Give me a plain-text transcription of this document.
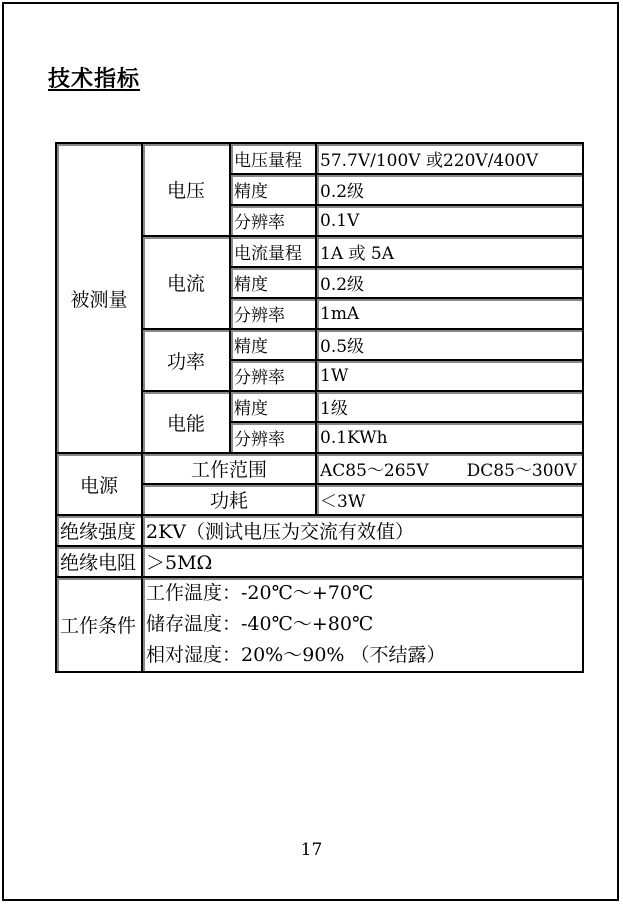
技术指标
被测量	电压	电压量程	57.7V/100V 或220V/400V
		精度	0.2级
		分辨率	0.1V
	电流	电流量程	1A 或 5A
		精度	0.2级
		分辨率	1mA
	功率	精度	0.5级
		分辨率	1W
	电能	精度	1级
		分辨率	0.1KWh
电源	工作范围		AC85～265V DC85～300V
	功耗		＜3W
绝缘强度	2KV（测试电压为交流有效值）		
绝缘电阻	＞5MΩ		
工作条件	工作温度：-20℃～+70℃
储存温度：-40℃～+80℃
相对湿度：20%～90% （不结露）		
17
